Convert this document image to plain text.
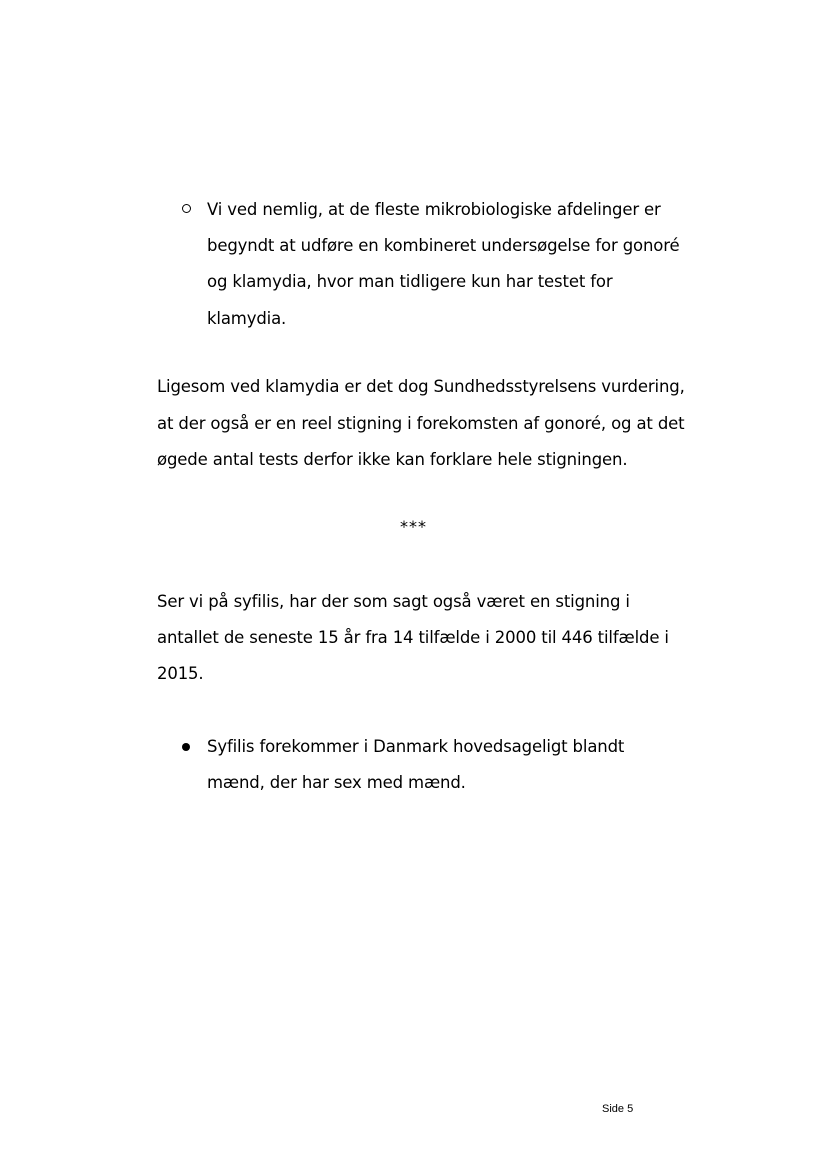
Vi ved nemlig, at de fleste mikrobiologiske afdelinger er
begyndt at udføre en kombineret undersøgelse for gonoré
og klamydia, hvor man tidligere kun har testet for
klamydia.
Ligesom ved klamydia er det dog Sundhedsstyrelsens vurdering,
at der også er en reel stigning i forekomsten af gonoré, og at det
øgede antal tests derfor ikke kan forklare hele stigningen.
***
Ser vi på syfilis, har der som sagt også været en stigning i
antallet de seneste 15 år fra 14 tilfælde i 2000 til 446 tilfælde i
2015.
Syfilis forekommer i Danmark hovedsageligt blandt
mænd, der har sex med mænd.
Side 5
